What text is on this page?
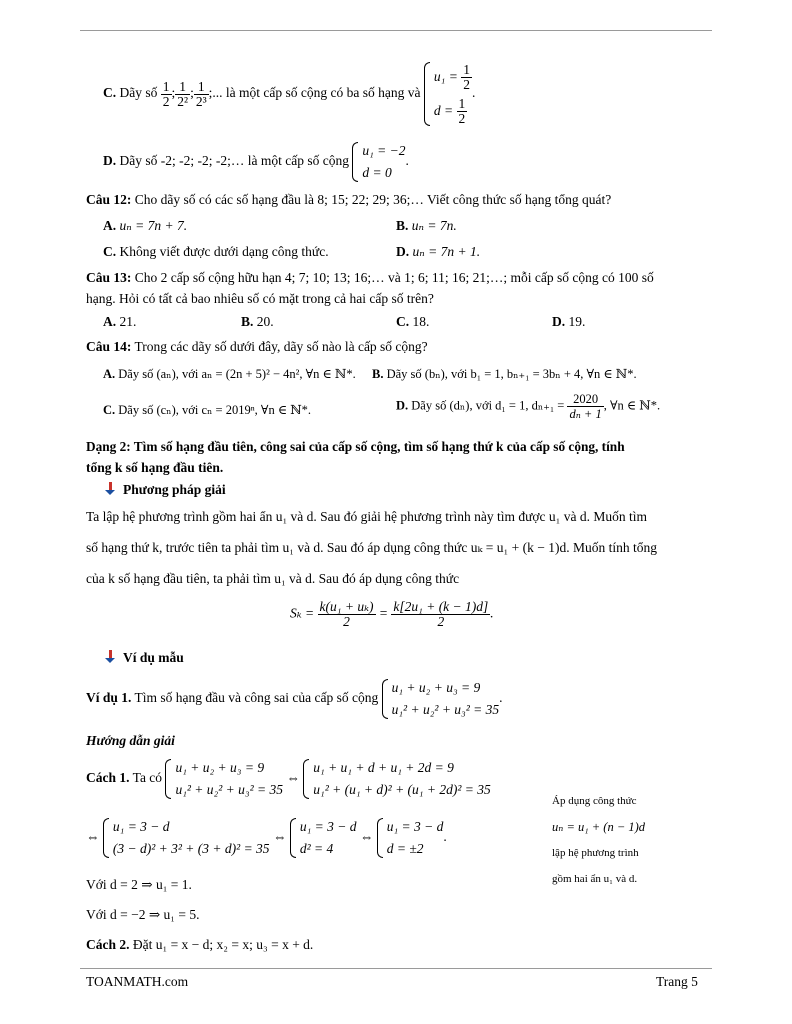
C. Dãy số $\frac{1}{2}$ ; $\frac{1}{\text{2²}}$ ; $\frac{1}{\text{2³}}$ ;... là một cấp số cộng có ba số hạng và
$u_1 = \frac{1}{2}$
$d = \frac{1}{2}$
.
D. Dãy số -2; -2; -2; -2;… là một cấp số cộng
u₁ = −2
d = 0
.
Câu 12: Cho dãy số có các số hạng đầu là 8; 15; 22; 29; 36;… Viết công thức số hạng tổng quát?
A. uₙ = 7n + 7.	B. uₙ = 7n.
C. Không viết được dưới dạng công thức.	D. uₙ = 7n + 1.
Câu 13: Cho 2 cấp số cộng hữu hạn 4; 7; 10; 13; 16;… và 1; 6; 11; 16; 21;…; mỗi cấp số cộng có 100 số
hạng. Hỏi có tất cả bao nhiêu số có mặt trong cả hai cấp số trên?
A. 21.	B. 20.	C. 18.	D. 19.
Câu 14: Trong các dãy số dưới đây, dãy số nào là cấp số cộng?
A. Dãy số (aₙ), với aₙ = (2n + 5)² − 4n², ∀n ∈ ℕ*. B. Dãy số (bₙ), với b₁ = 1, bₙ₊₁ = 3bₙ + 4, ∀n ∈ ℕ*.
C. Dãy số (cₙ), với cₙ = 2019ⁿ, ∀n ∈ ℕ*.	D. Dãy số (dₙ), với d₁ = 1, $d_{n+1} = \frac{2020}{\text{dₙ + 1}}$ , ∀n ∈ ℕ*.
Dạng 2: Tìm số hạng đầu tiên, công sai của cấp số cộng, tìm số hạng thứ k của cấp số cộng, tính
tổng k số hạng đầu tiên.
Phương pháp giải
Ta lập hệ phương trình gồm hai ẩn u₁ và d. Sau đó giải hệ phương trình này tìm được u₁ và d. Muốn tìm
số hạng thứ k, trước tiên ta phải tìm u₁ và d. Sau đó áp dụng công thức uₖ = u₁ + (k − 1)d. Muốn tính tổng
của k số hạng đầu tiên, ta phải tìm u₁ và d. Sau đó áp dụng công thức
$S_k = \frac{\text{k(u₁ + uₖ)}}{2} = \frac{\text{k[2u₁ + (k − 1)d]}}{2}$ .
Ví dụ mẫu
Ví dụ 1. Tìm số hạng đầu và công sai của cấp số cộng
u₁ + u₂ + u₃ = 9
u₁² + u₂² + u₃² = 35
.
Hướng dẫn giải
Cách 1. Ta có
u₁ + u₂ + u₃ = 9
u₁² + u₂² + u₃² = 35
⇔
u₁ + u₁ + d + u₁ + 2d = 9
u₁² + (u₁ + d)² + (u₁ + 2d)² = 35
⇔
u₁ = 3 − d
(3 − d)² + 3² + (3 + d)² = 35
⇔
u₁ = 3 − d
d² = 4
⇔
u₁ = 3 − d
d = ±2
.
Với d = 2 ⇒ u₁ = 1.
Với d = −2 ⇒ u₁ = 5.
Cách 2. Đặt u₁ = x − d; x₂ = x; u₃ = x + d.
Áp dụng công thức
uₙ = u₁ + (n − 1)d
lập hệ phương trình
gồm hai ẩn u₁ và d.
TOANMATH.com	Trang 5
